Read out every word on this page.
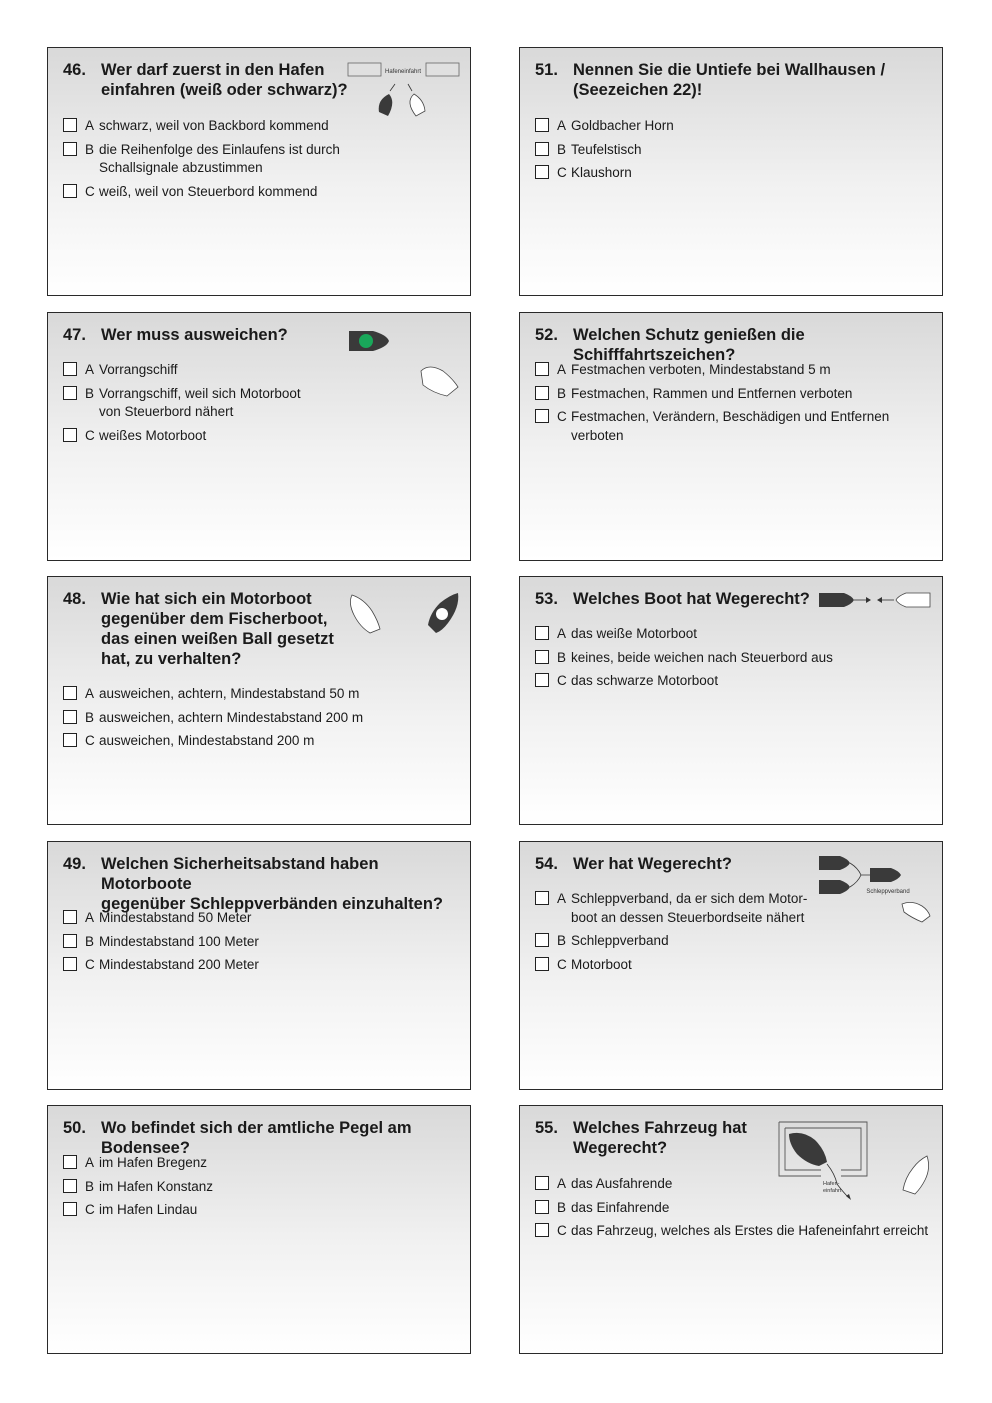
46. Wer darf zuerst in den Hafen
einfahren (weiß oder schwarz)?
A schwarz, weil von Backbord kommend
B die Reihenfolge des Einlaufens ist durch
Schallsignale abzustimmen
C weiß, weil von Steuerbord kommend
Hafeneinfahrt
47. Wer muss ausweichen?
A Vorrangschiff
B Vorrangschiff, weil sich Motorboot
von Steuerbord nähert
C weißes Motorboot
48. Wie hat sich ein Motorboot
gegenüber dem Fischerboot,
das einen weißen Ball gesetzt
hat, zu verhalten?
A ausweichen, achtern, Mindestabstand 50 m
B ausweichen, achtern Mindestabstand 200 m
C ausweichen, Mindestabstand 200 m
49. Welchen Sicherheitsabstand haben Motorboote
gegenüber Schleppverbänden einzuhalten?
A Mindestabstand 50 Meter
B Mindestabstand 100 Meter
C Mindestabstand 200 Meter
50. Wo befindet sich der amtliche Pegel am Bodensee?
A im Hafen Bregenz
B im Hafen Konstanz
C im Hafen Lindau
51. Nennen Sie die Untiefe bei Wallhausen /
(Seezeichen 22)!
A Goldbacher Horn
B Teufelstisch
C Klaushorn
52. Welchen Schutz genießen die Schifffahrtszeichen?
A Festmachen verboten, Mindestabstand 5 m
B Festmachen, Rammen und Entfernen verboten
C Festmachen, Verändern, Beschädigen und Entfernen verboten
53. Welches Boot hat Wegerecht?
A das weiße Motorboot
B keines, beide weichen nach Steuerbord aus
C das schwarze Motorboot
54. Wer hat Wegerecht?
A Schleppverband, da er sich dem Motor-
boot an dessen Steuerbordseite nähert
B Schleppverband
C Motorboot
Schleppverband
55. Welches Fahrzeug hat
Wegerecht?
A das Ausfahrende
B das Einfahrende
C das Fahrzeug, welches als Erstes die Hafeneinfahrt erreicht
Hafen-
einfahrt
